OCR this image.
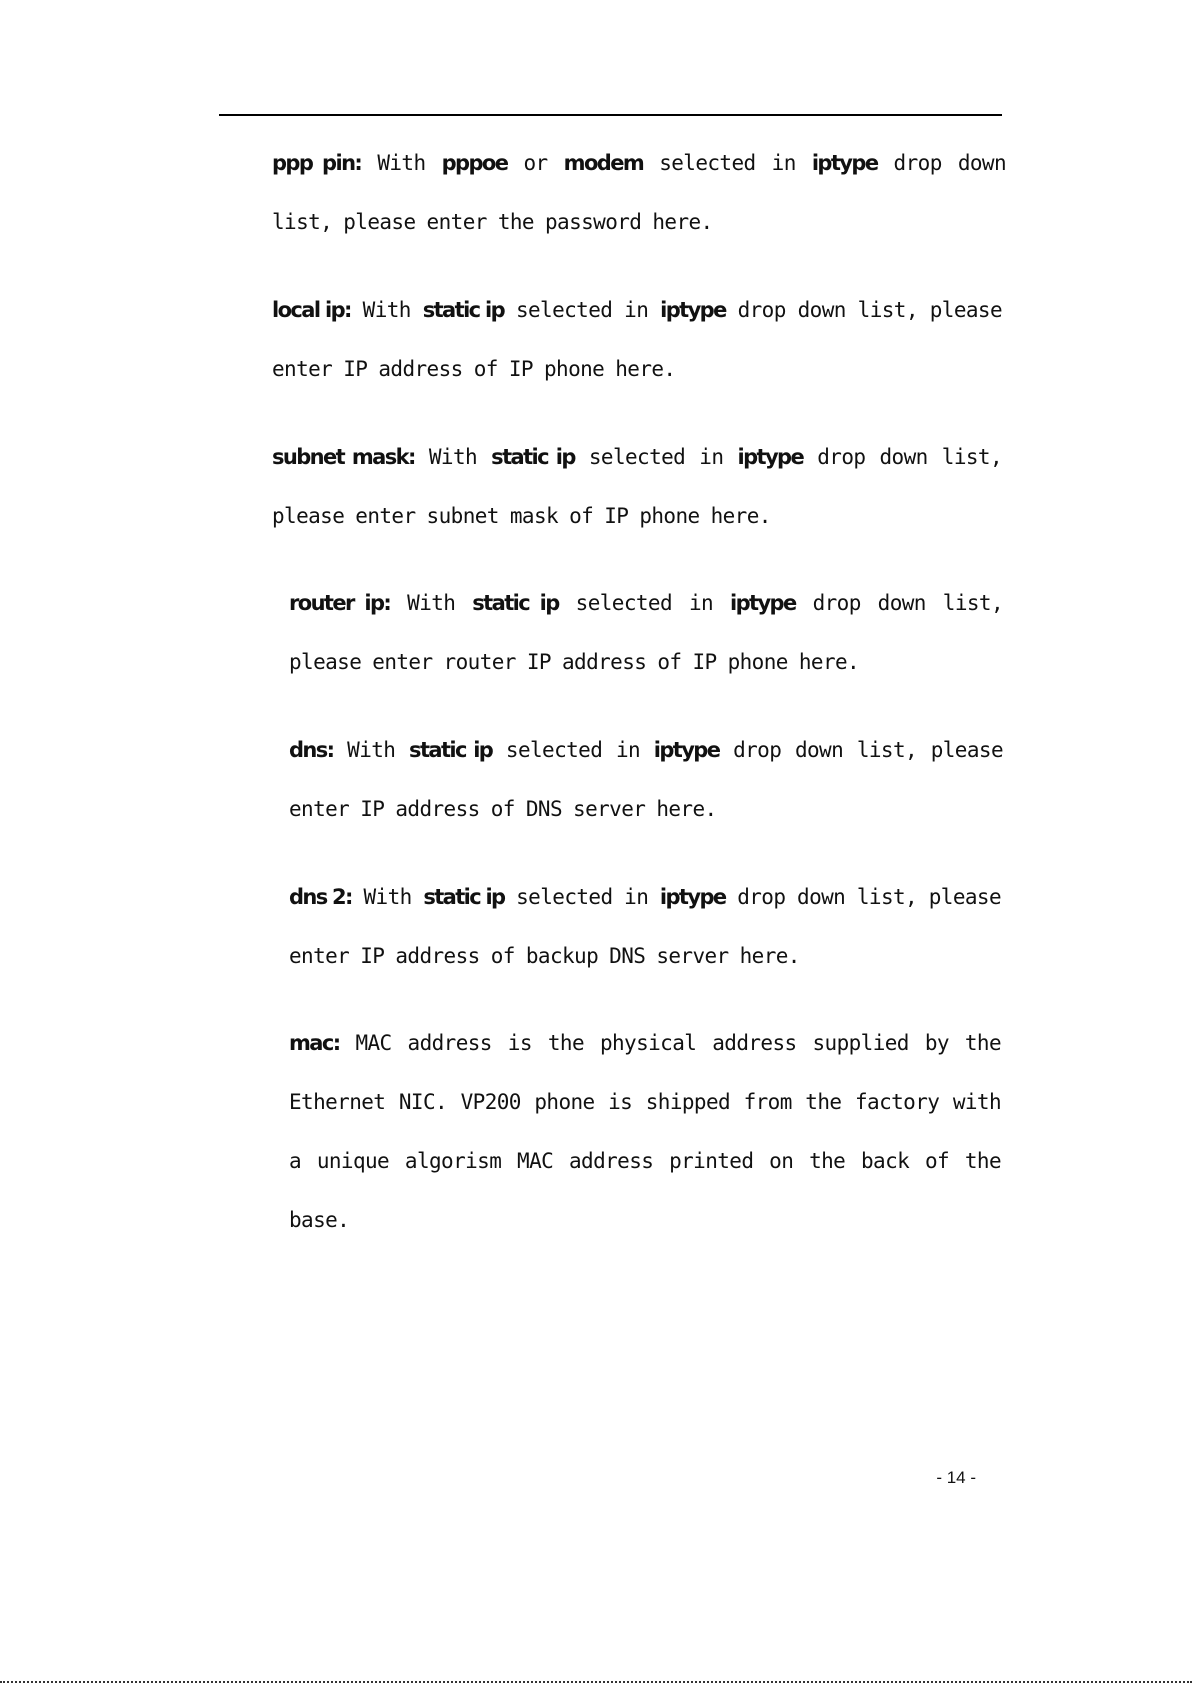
ppp pin: With pppoe or modem selected in iptype drop down list, please enter the password here.

local ip: With static ip selected in iptype drop down list, please enter IP address of IP phone here.

subnet mask: With static ip selected in iptype drop down list, please enter subnet mask of IP phone here.

router ip: With static ip selected in iptype drop down list, please enter router IP address of IP phone here.

dns: With static ip selected in iptype drop down list, please enter IP address of DNS server here.

dns 2: With static ip selected in iptype drop down list, please enter IP address of backup DNS server here.

mac: MAC address is the physical address supplied by the Ethernet NIC. VP200 phone is shipped from the factory with a unique algorism MAC address printed on the back of the base.

- 14 -
